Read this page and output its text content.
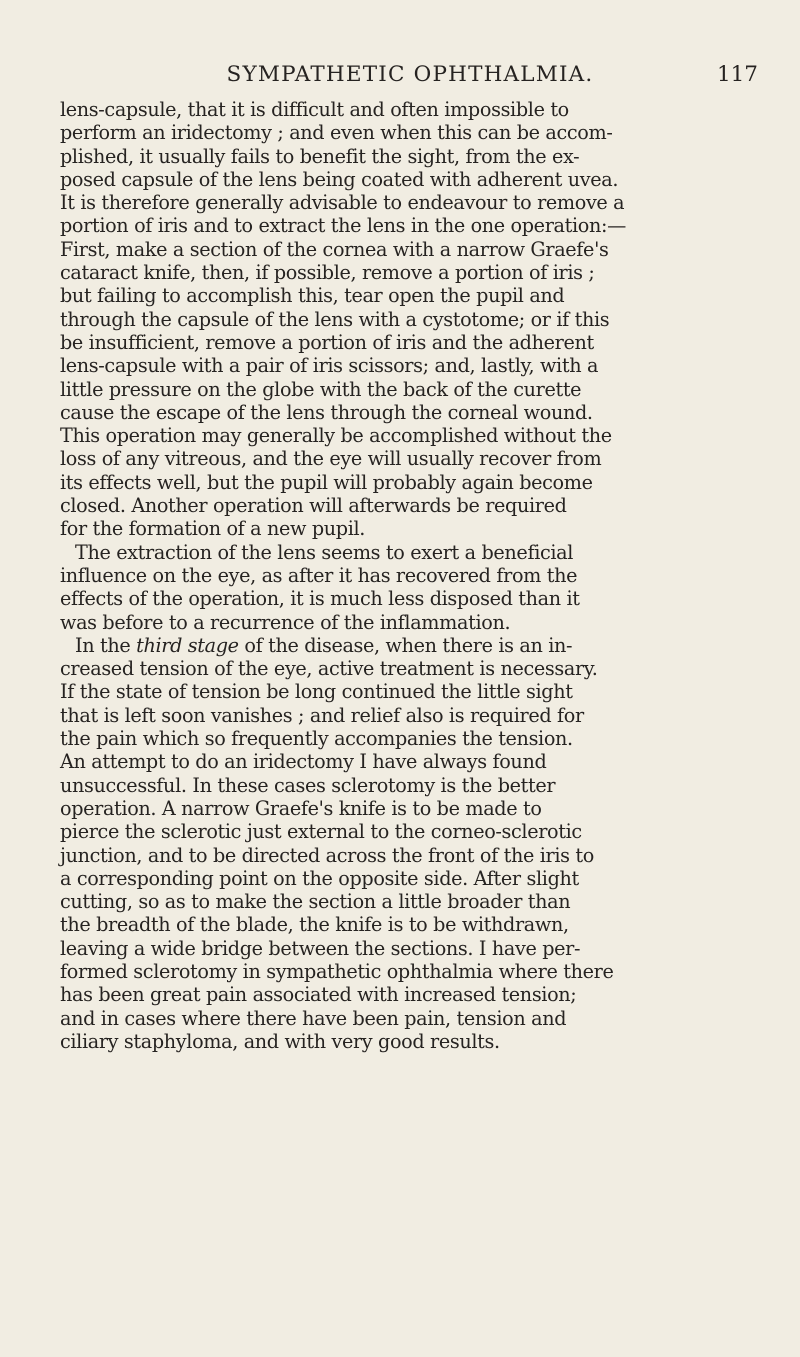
SYMPATHETIC OPHTHALMIA.	117
lens-capsule, that it is difficult and often impossible to
perform an iridectomy ; and even when this can be accom-
plished, it usually fails to benefit the sight, from the ex-
posed capsule of the lens being coated with adherent uvea.
It is therefore generally advisable to endeavour to remove a
portion of iris and to extract the lens in the one operation:—
First, make a section of the cornea with a narrow Graefe's
cataract knife, then, if possible, remove a portion of iris ;
but failing to accomplish this, tear open the pupil and
through the capsule of the lens with a cystotome; or if this
be insufficient, remove a portion of iris and the adherent
lens-capsule with a pair of iris scissors; and, lastly, with a
little pressure on the globe with the back of the curette
cause the escape of the lens through the corneal wound.
This operation may generally be accomplished without the
loss of any vitreous, and the eye will usually recover from
its effects well, but the pupil will probably again become
closed. Another operation will afterwards be required
for the formation of a new pupil.
The extraction of the lens seems to exert a beneficial
influence on the eye, as after it has recovered from the
effects of the operation, it is much less disposed than it
was before to a recurrence of the inflammation.
In the third stage of the disease, when there is an in-
creased tension of the eye, active treatment is necessary.
If the state of tension be long continued the little sight
that is left soon vanishes ; and relief also is required for
the pain which so frequently accompanies the tension.
An attempt to do an iridectomy I have always found
unsuccessful. In these cases sclerotomy is the better
operation. A narrow Graefe's knife is to be made to
pierce the sclerotic just external to the corneo-sclerotic
junction, and to be directed across the front of the iris to
a corresponding point on the opposite side. After slight
cutting, so as to make the section a little broader than
the breadth of the blade, the knife is to be withdrawn,
leaving a wide bridge between the sections. I have per-
formed sclerotomy in sympathetic ophthalmia where there
has been great pain associated with increased tension;
and in cases where there have been pain, tension and
ciliary staphyloma, and with very good results.
